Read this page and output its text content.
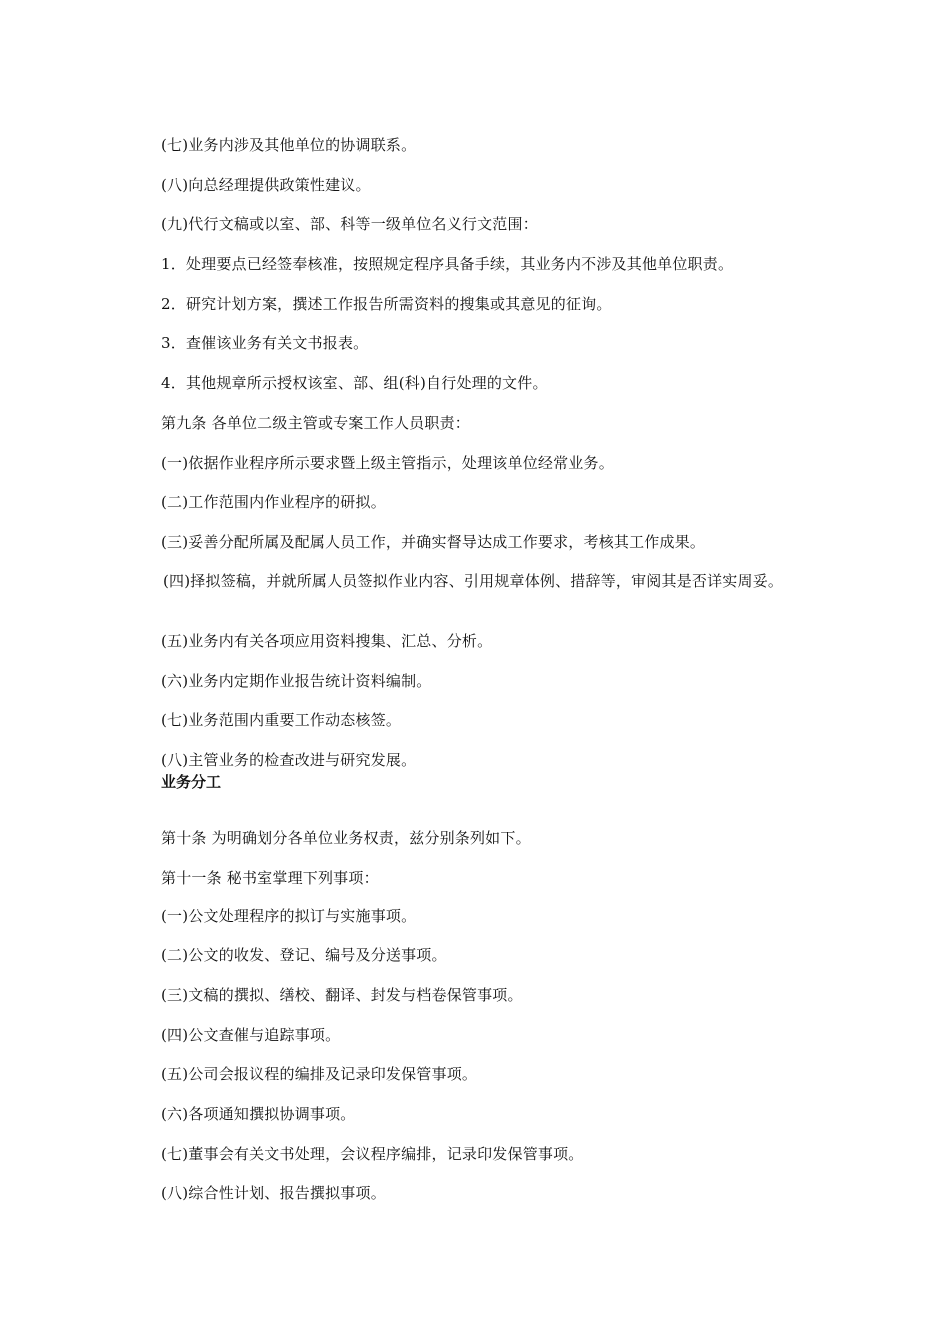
(七)业务内涉及其他单位的协调联系。
(八)向总经理提供政策性建议。
(九)代行文稿或以室、部、科等一级单位名义行文范围：
1．处理要点已经签奉核准，按照规定程序具备手续，其业务内不涉及其他单位职责。
2．研究计划方案，撰述工作报告所需资料的搜集或其意见的征询。
3．查催该业务有关文书报表。
4．其他规章所示授权该室、部、组(科)自行处理的文件。
第九条 各单位二级主管或专案工作人员职责：
(一)依据作业程序所示要求暨上级主管指示，处理该单位经常业务。
(二)工作范围内作业程序的研拟。
(三)妥善分配所属及配属人员工作，并确实督导达成工作要求，考核其工作成果。
(四)择拟签稿，并就所属人员签拟作业内容、引用规章体例、措辞等，审阅其是否详实周妥。
(五)业务内有关各项应用资料搜集、汇总、分析。
(六)业务内定期作业报告统计资料编制。
(七)业务范围内重要工作动态核签。
(八)主管业务的检查改进与研究发展。
业务分工
第十条 为明确划分各单位业务权责，兹分别条列如下。
第十一条 秘书室掌理下列事项：
(一)公文处理程序的拟订与实施事项。
(二)公文的收发、登记、编号及分送事项。
(三)文稿的撰拟、缮校、翻译、封发与档卷保管事项。
(四)公文查催与追踪事项。
(五)公司会报议程的编排及记录印发保管事项。
(六)各项通知撰拟协调事项。
(七)董事会有关文书处理，会议程序编排，记录印发保管事项。
(八)综合性计划、报告撰拟事项。
